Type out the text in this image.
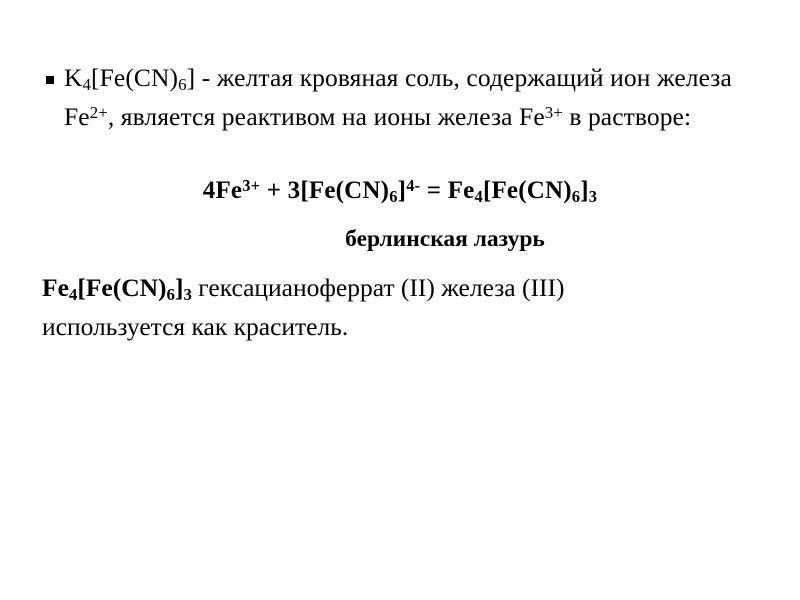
$K_4[Fe(CN)_6]$ - желтая кровяная соль, содержащий ион железа $Fe^{2+}$, является реактивом на ионы железа $Fe^{3+}$ в растворе:
$4Fe^{3+} + 3[Fe(CN)_6]^{4-} = Fe_4[Fe(CN)_6]_3$
берлинская лазурь
$Fe_4[Fe(CN)_6]_3$ гексацианоферрат (II) железа (III)
используется как краситель.
